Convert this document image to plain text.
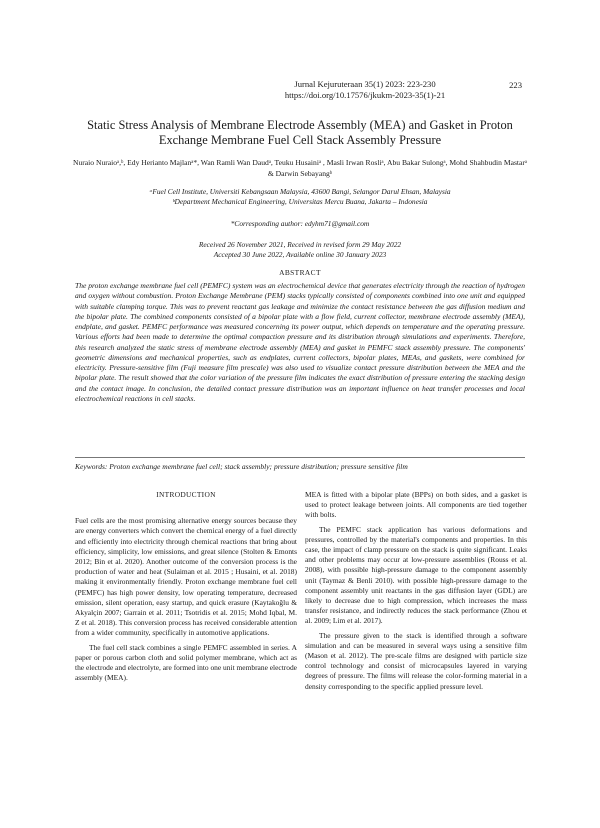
Jurnal Kejuruteraan 35(1) 2023: 223-230
https://doi.org/10.17576/jkukm-2023-35(1)-21
223
Static Stress Analysis of Membrane Electrode Assembly (MEA) and Gasket in Proton Exchange Membrane Fuel Cell Stack Assembly Pressure
Nuraio Nuraioᵃ,ᵇ, Edy Herianto Majlanᵃ*, Wan Ramli Wan Daudᵃ, Teuku Husainiᵃ , Masli Irwan Rosliᵃ, Abu Bakar Sulongᵃ, Mohd Shahbudin Mastarᵃ & Darwin Sebayangᵇ
ᵃFuel Cell Institute, Universiti Kebangsaan Malaysia, 43600 Bangi, Selangor Darul Ehsan, Malaysia
ᵇDepartment Mechanical Engineering, Universitas Mercu Buana, Jakarta – Indonesia
*Corresponding author: edyhm71@gmail.com
Received 26 November 2021, Received in revised form 29 May 2022
Accepted 30 June 2022, Available online 30 January 2023
ABSTRACT
The proton exchange membrane fuel cell (PEMFC) system was an electrochemical device that generates electricity through the reaction of hydrogen and oxygen without combustion. Proton Exchange Membrane (PEM) stacks typically consisted of components combined into one unit and equipped with suitable clamping torque. This was to prevent reactant gas leakage and minimize the contact resistance between the gas diffusion medium and the bipolar plate. The combined components consisted of a bipolar plate with a flow field, current collector, membrane electrode assembly (MEA), endplate, and gasket. PEMFC performance was measured concerning its power output, which depends on temperature and the operating pressure. Various efforts had been made to determine the optimal compaction pressure and its distribution through simulations and experiments. Therefore, this research analyzed the static stress of membrane electrode assembly (MEA) and gasket in PEMFC stack assembly pressure. The components' geometric dimensions and mechanical properties, such as endplates, current collectors, bipolar plates, MEAs, and gaskets, were combined for electricity. Pressure-sensitive film (Fuji measure film prescale) was also used to visualize contact pressure distribution between the MEA and the bipolar plate. The result showed that the color variation of the pressure film indicates the exact distribution of pressure entering the stacking design and the contact image. In conclusion, the detailed contact pressure distribution was an important influence on heat transfer processes and local electrochemical reactions in cell stacks.
Keywords: Proton exchange membrane fuel cell; stack assembly; pressure distribution; pressure sensitive film

INTRODUCTION

Fuel cells are the most promising alternative energy sources because they are energy converters which convert the chemical energy of a fuel directly and efficiently into electricity through chemical reactions that bring about efficiency, simplicity, low emissions, and great silence (Stolten & Emonts 2012; Bin et al. 2020). Another outcome of the conversion process is the production of water and heat (Sulaiman et al. 2015 ; Husaini, et al. 2018) making it environmentally friendly. Proton exchange membrane fuel cell (PEMFC) has high power density, low operating temperature, decreased emission, silent operation, easy startup, and quick erasure (Kaytakoğlu & Akyalçin 2007; Garrain et al. 2011; Tsotridis et al. 2015; Mohd Iqbal, M. Z et al. 2018). This conversion process has received considerable attention from a wider community, specifically in automotive applications.

The fuel cell stack combines a single PEMFC assembled in series. A paper or porous carbon cloth and solid polymer membrane, which act as the electrode and electrolyte, are formed into one unit membrane electrode assembly (MEA).

MEA is fitted with a bipolar plate (BPPs) on both sides, and a gasket is used to protect leakage between joints. All components are tied together with bolts.

The PEMFC stack application has various deformations and pressures, controlled by the material's components and properties. In this case, the impact of clamp pressure on the stack is quite significant. Leaks and other problems may occur at low-pressure assemblies (Rouss et al. 2008), with possible high-pressure damage to the component assembly unit (Taymaz & Benli 2010). with possible high-pressure damage to the component assembly unit reactants in the gas diffusion layer (GDL) are likely to decrease due to high compression, which increases the mass transfer resistance, and indirectly reduces the stack performance (Zhou et al. 2009; Lim et al. 2017).

The pressure given to the stack is identified through a software simulation and can be measured in several ways using a sensitive film (Mason et al. 2012). The pre-scale films are designed with particle size control technology and consist of microcapsules layered in varying degrees of pressure. The films will release the color-forming material in a density corresponding to the specific applied pressure level.
